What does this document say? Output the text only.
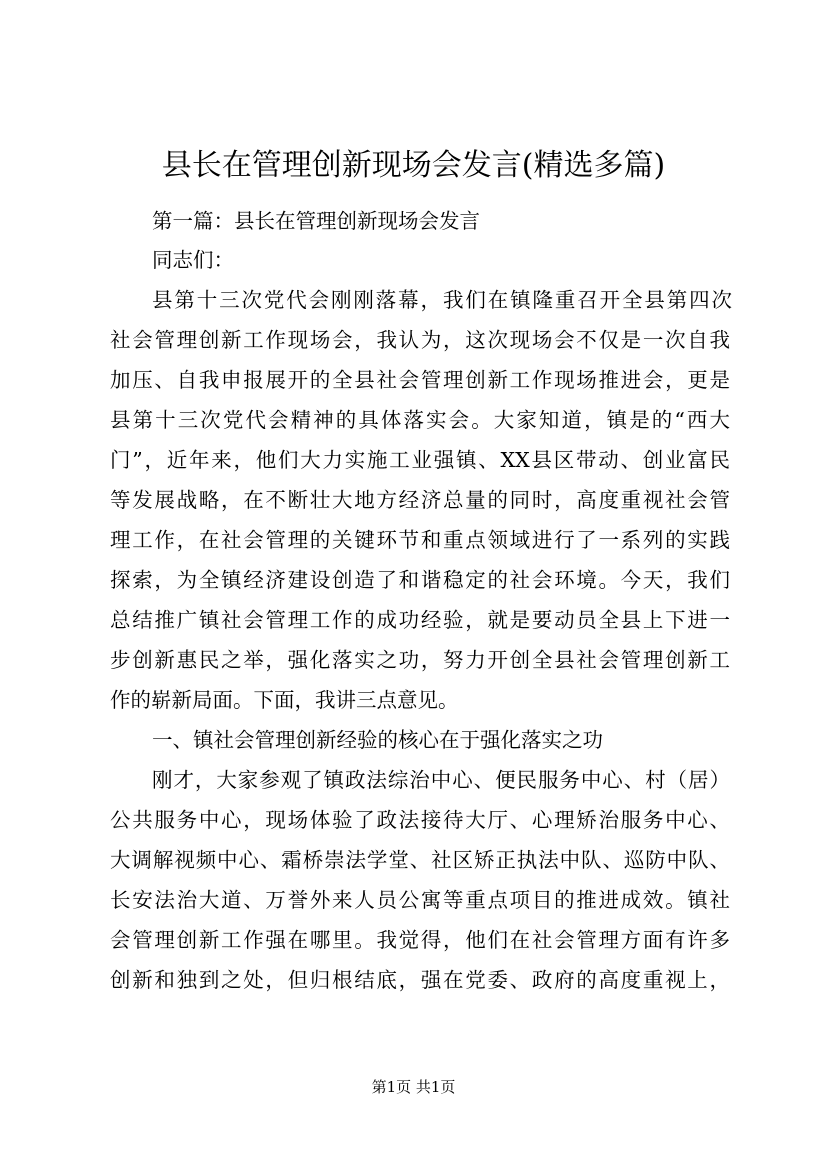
县长在管理创新现场会发言(精选多篇)
第一篇：县长在管理创新现场会发言
同志们：
县第十三次党代会刚刚落幕，我们在镇隆重召开全县第四次
社会管理创新工作现场会，我认为，这次现场会不仅是一次自我
加压、自我申报展开的全县社会管理创新工作现场推进会，更是
县第十三次党代会精神的具体落实会。大家知道，镇是的“西大
门”，近年来，他们大力实施工业强镇、XX县区带动、创业富民
等发展战略，在不断壮大地方经济总量的同时，高度重视社会管
理工作，在社会管理的关键环节和重点领域进行了一系列的实践
探索，为全镇经济建设创造了和谐稳定的社会环境。今天，我们
总结推广镇社会管理工作的成功经验，就是要动员全县上下进一
步创新惠民之举，强化落实之功，努力开创全县社会管理创新工
作的崭新局面。下面，我讲三点意见。
一、镇社会管理创新经验的核心在于强化落实之功
刚才，大家参观了镇政法综治中心、便民服务中心、村（居）
公共服务中心，现场体验了政法接待大厅、心理矫治服务中心、
大调解视频中心、霜桥崇法学堂、社区矫正执法中队、巡防中队、
长安法治大道、万誉外来人员公寓等重点项目的推进成效。镇社
会管理创新工作强在哪里。我觉得，他们在社会管理方面有许多
创新和独到之处，但归根结底，强在党委、政府的高度重视上，
第1页 共1页
